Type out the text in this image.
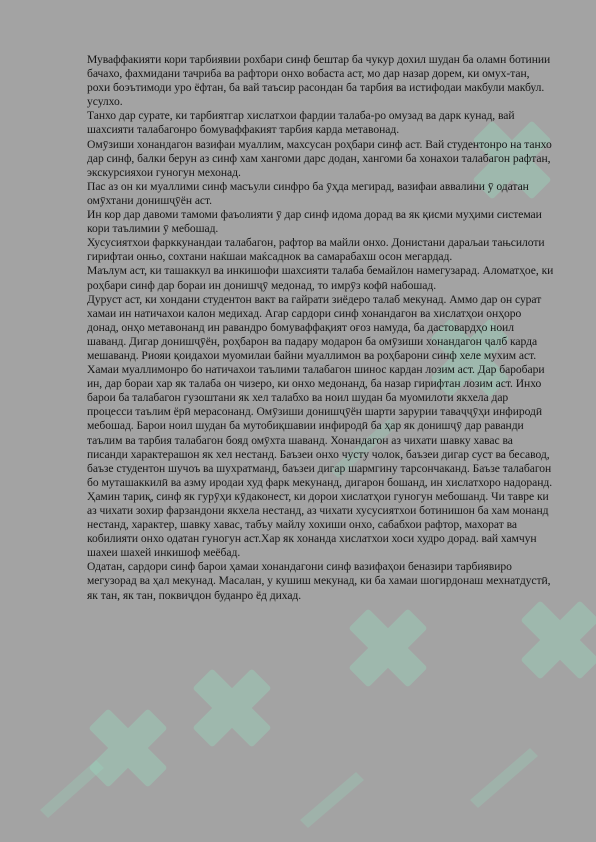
Муваффакияти кори тарбиявии рохбари синф бештар ба чукур дохил шудан ба оламн ботинии бачахо, фахмидани тачриба ва рафтори онхо вобаста аст, мо дар назар дорем, ки омух-тан, рохи боэътимоди уро ёфтан, ба вай таъсир расондан ба тарбия ва истифодаи макбули макбул. усулхо.

Танхо дар сурате, ки тарбиятгар хислатхои фардии талаба-ро омузад ва дарк кунад, вай шахсияти талабагонро бомуваффакият тарбия карда метавонад.

Омӯзиши хонандагон вазифаи муаллим, махсусан роҳбари синф аст. Вай студентонро на танхо дар синф, балки берун аз синф хам хангоми дарс додан, хангоми ба хонахои талабагон рафтан, экскурсияхои гуногун мехонад.

Пас аз он ки муаллими синф масъули синфро ба ӯҳда мегирад, вазифаи аввалини ӯ одатан омӯхтани донишҷӯён аст.

Ин кор дар давоми тамоми фаъолияти ӯ дар синф идома дорад ва як қисми муҳими системаи кори таълимии ӯ мебошад.

Хусусиятхои фарккунандаи талабагон, рафтор ва майли онхо. Донистани дараљаи тањсилоти гирифтаи онњо, сохтани наќшаи маќсаднок ва самарабахш осон мегардад.

Маълум аст, ки ташаккул ва инкишофи шахсияти талаба бемайлон намегузарад. Аломатҳое, ки роҳбари синф дар бораи ин донишҷӯ медонад, то имрӯз кофӣ набошад.

Дуруст аст, ки хондани студентон вакт ва гайрати зиёдеро талаб мекунад. Аммо дар он сурат хамаи ин натичахои калон медихад. Агар сардори синф хонандагон ва хислатҳои онҳоро донад, онҳо метавонанд ин равандро бомуваффақият оғоз намуда, ба дастовардҳо ноил шаванд. Дигар донишҷӯён, роҳбарон ва падару модарон ба омӯзиши хонандагон ҷалб карда мешаванд. Риояи қоидахои муомилаи байни муаллимон ва роҳбарони синф хеле мухим аст. Хамаи муаллимонро бо натичахои таълими талабагон шинос кардан лозим аст. Дар баробари ин, дар бораи хар як талаба он чизеро, ки онхо медонанд, ба назар гирифтан лозим аст. Инхо барои ба талабагон гузоштани як хел талабхо ва ноил шудан ба муомилоти якхела дар процесси таълим ёрӣ мерасонанд. Омӯзиши донишҷӯён шарти зарурии таваҷҷӯҳи инфиродӣ мебошад. Барои ноил шудан ба мутобиқшавии инфиродӣ ба ҳар як донишҷӯ дар раванди таълим ва тарбия талабагон бояд омӯхта шаванд. Хонандагон аз чихати шавку хавас ва писанди характерашон як хел нестанд. Баъзеи онхо чусту чолок, баъзеи дигар суст ва бесавод, баъзе студентон шучоъ ва шухратманд, баъзеи дигар шармгину тарсончаканд. Баъзе талабагон бо муташаккилӣ ва азму иродаи худ фарк мекунанд, дигарон бошанд, ин хислатхоро надоранд. Ҳамин тариқ, синф як гурӯҳи кӯдаконест, ки дорои хислатҳои гуногун мебошанд. Чи тавре ки аз чихати зохир фарзандони якхела нестанд, аз чихати хусусиятхои ботинишон ба хам монанд нестанд, характер, шавку хавас, табъу майлу хохиши онхо, сабабхои рафтор, махорат ва кобилияти онхо одатан гуногун аст.Хар як хонанда хислатхои хоси худро дорад. вай хамчун шахеи шахей инкишоф меёбад.

Одатан, сардори синф барои ҳамаи хонандагони синф вазифаҳои беназири тарбиявиро мегузорад ва ҳал мекунад. Масалан, у кушиш мекунад, ки ба хамаи шогирдонаш мехнатдустӣ, як тан, як тан, поквиҷдон буданро ёд дихад.
